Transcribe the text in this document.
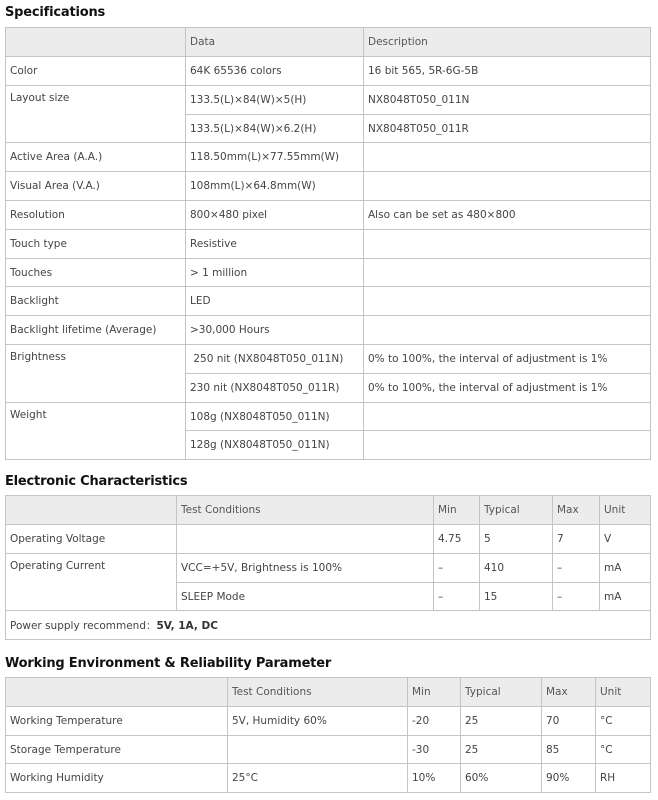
Specifications
	Data	Description
Color	64K 65536 colors	16 bit 565, 5R-6G-5B
Layout size	133.5(L)×84(W)×5(H)	NX8048T050_011N
	133.5(L)×84(W)×6.2(H)	NX8048T050_011R
Active Area (A.A.)	118.50mm(L)×77.55mm(W)	
Visual Area (V.A.)	108mm(L)×64.8mm(W)	
Resolution	800×480 pixel	Also can be set as 480×800
Touch type	Resistive	
Touches	> 1 million	
Backlight	LED	
Backlight lifetime (Average)	>30,000 Hours	
Brightness	250 nit (NX8048T050_011N)	0% to 100%, the interval of adjustment is 1%
	230 nit (NX8048T050_011R)	0% to 100%, the interval of adjustment is 1%
Weight	108g (NX8048T050_011N)	
	128g (NX8048T050_011N)	
Electronic Characteristics
	Test Conditions	Min	Typical	Max	Unit
Operating Voltage		4.75	5	7	V
Operating Current	VCC=+5V, Brightness is 100%	–	410	–	mA
	SLEEP Mode	–	15	–	mA
Power supply recommend：5V, 1A, DC					
Working Environment & Reliability Parameter
	Test Conditions	Min	Typical	Max	Unit
Working Temperature	5V, Humidity 60%	-20	25	70	°C
Storage Temperature		-30	25	85	°C
Working Humidity	25°C	10%	60%	90%	RH
